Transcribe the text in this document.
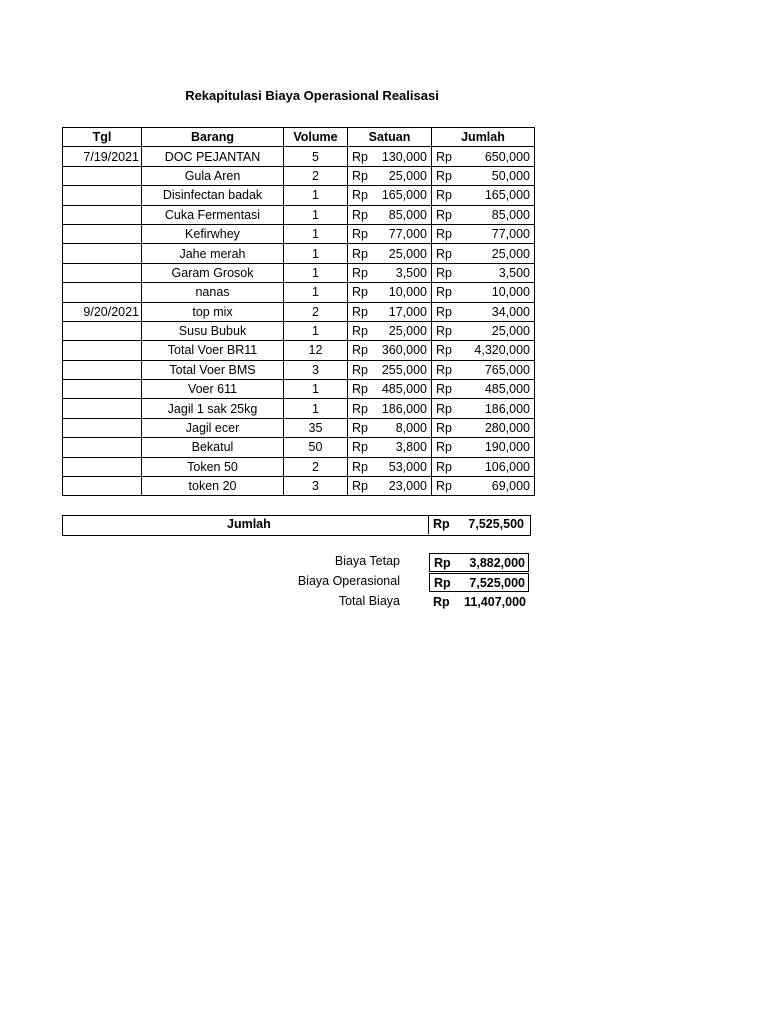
Rekapitulasi Biaya Operasional Realisasi
Tgl	Barang	Volume	Satuan	Jumlah
7/19/2021	DOC PEJANTAN	5	Rp 130,000	Rp 650,000

	Gula Aren	2	Rp 25,000	Rp 50,000

	Disinfectan badak	1	Rp 165,000	Rp 165,000

	Cuka Fermentasi	1	Rp 85,000	Rp 85,000

	Kefirwhey	1	Rp 77,000	Rp 77,000

	Jahe merah	1	Rp 25,000	Rp 25,000

	Garam Grosok	1	Rp 3,500	Rp 3,500

	nanas	1	Rp 10,000	Rp 10,000

9/20/2021	top mix	2	Rp 17,000	Rp 34,000

	Susu Bubuk	1	Rp 25,000	Rp 25,000

	Total Voer BR11	12	Rp 360,000	Rp 4,320,000

	Total Voer BMS	3	Rp 255,000	Rp 765,000

	Voer 611	1	Rp 485,000	Rp 485,000

	Jagil 1 sak 25kg	1	Rp 186,000	Rp 186,000

	Jagil ecer	35	Rp 8,000	Rp 280,000

	Bekatul	50	Rp 3,800	Rp 190,000

	Token 50	2	Rp 53,000	Rp 106,000

	token 20	3	Rp 23,000	Rp 69,000
Jumlah	Rp 7,525,500
Biaya Tetap	Rp 3,882,000
Biaya Operasional	Rp 7,525,000
Total Biaya	Rp 11,407,000
